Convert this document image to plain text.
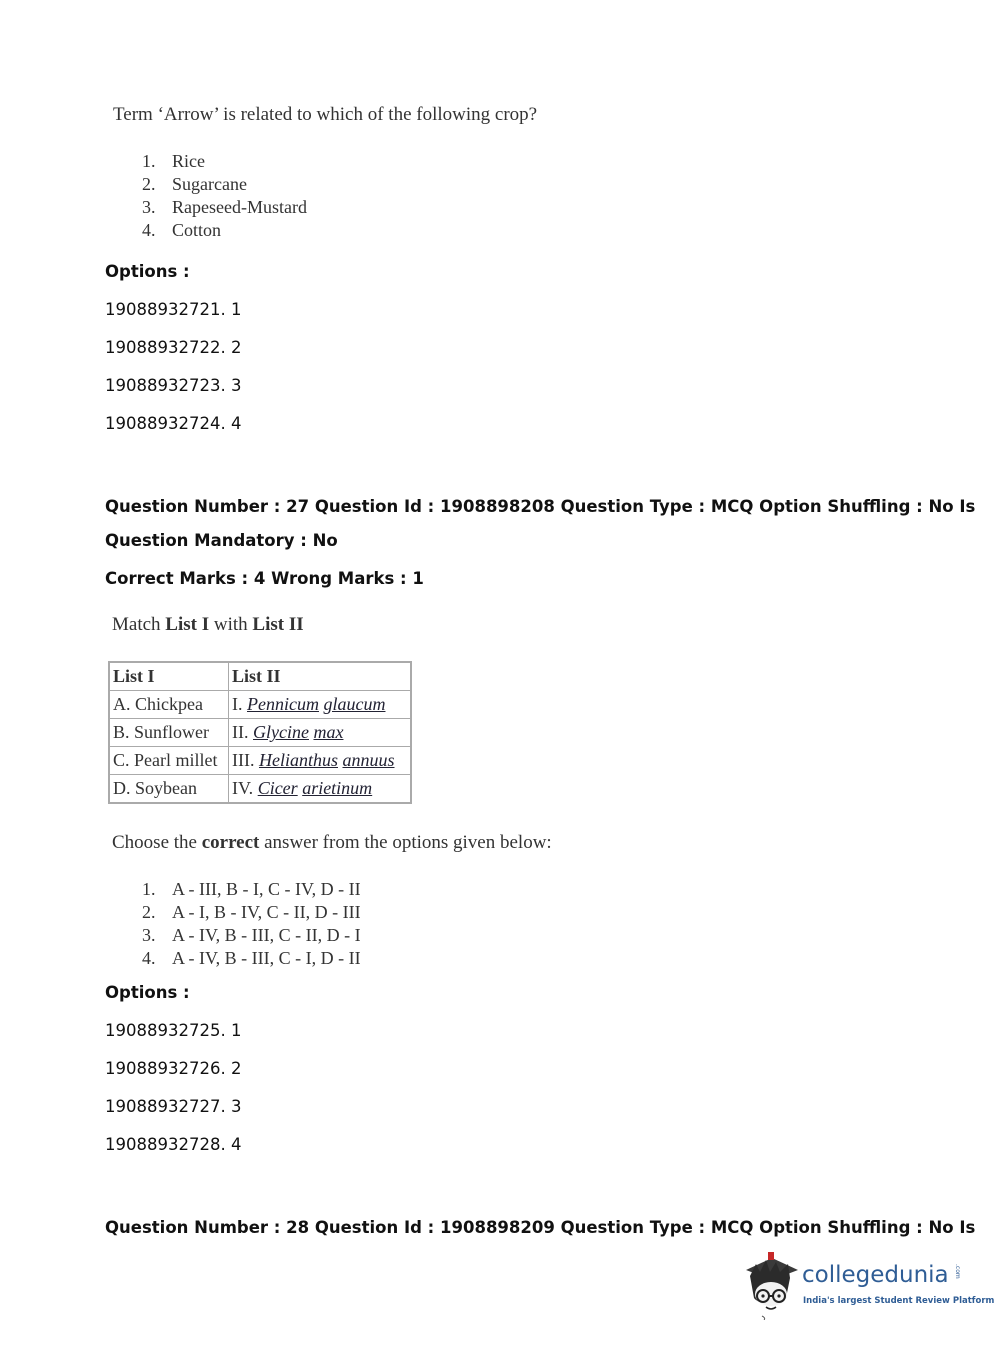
Term ‘Arrow’ is related to which of the following crop?
1. Rice
2. Sugarcane
3. Rapeseed-Mustard
4. Cotton
Options :
19088932721. 1
19088932722. 2
19088932723. 3
19088932724. 4
Question Number : 27 Question Id : 1908898208 Question Type : MCQ Option Shuffling : No Is
Question Mandatory : No
Correct Marks : 4 Wrong Marks : 1
Match List I with List II
List I	List II
A. Chickpea	I. Pennicum glaucum
B. Sunflower	II. Glycine max
C. Pearl millet	III. Helianthus annuus
D. Soybean	IV. Cicer arietinum
Choose the correct answer from the options given below:
1. A - III, B - I, C - IV, D - II
2. A - I, B - IV, C - II, D - III
3. A - IV, B - III, C - II, D - I
4. A - IV, B - III, C - I, D - II
Options :
19088932725. 1
19088932726. 2
19088932727. 3
19088932728. 4
Question Number : 28 Question Id : 1908898209 Question Type : MCQ Option Shuffling : No Is
collegedunia .com
India's largest Student Review Platform
